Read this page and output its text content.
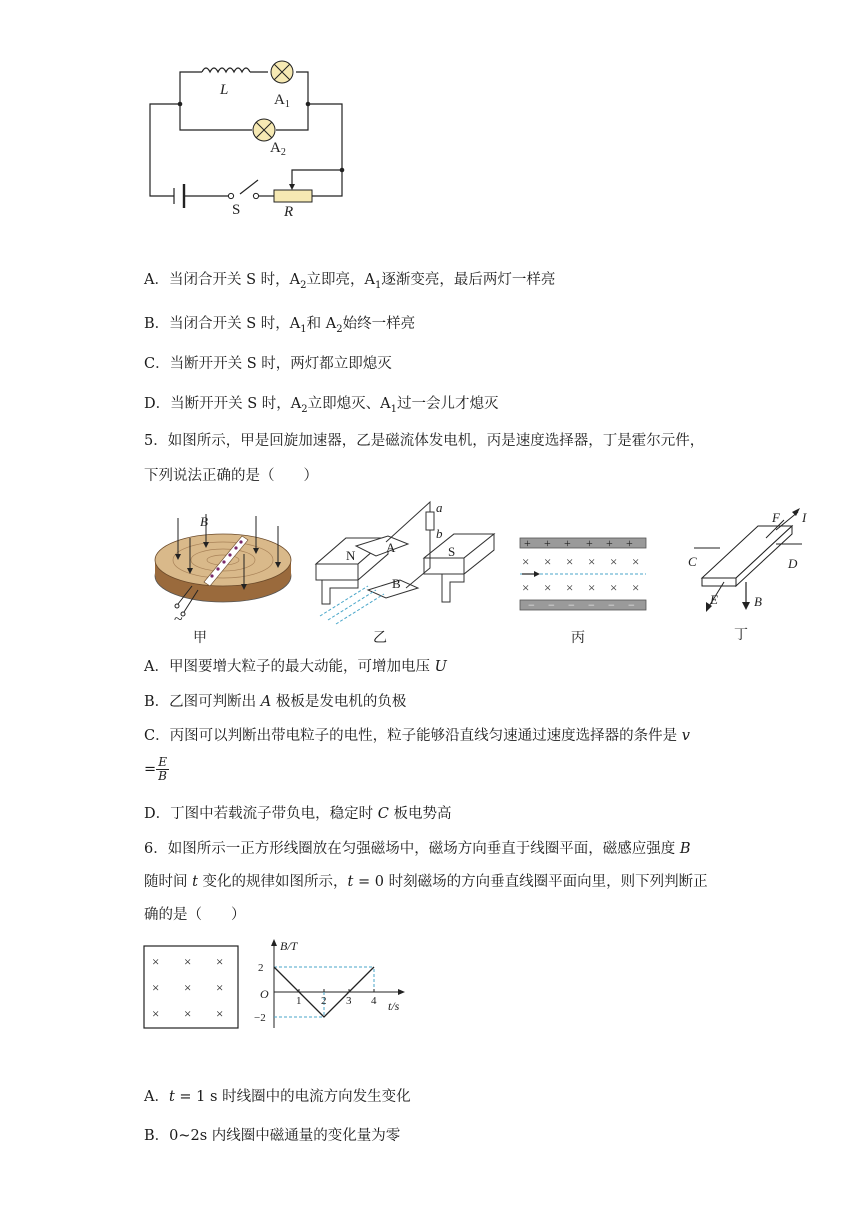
L
$A_1$
$A_2$
S	R
A．当闭合开关 S 时，$A_2$立即亮，$A_1$逐渐变亮，最后两灯一样亮
B．当闭合开关 S 时，$A_1$和 $A_2$始终一样亮
C．当断开开关 S 时，两灯都立即熄灭
D．当断开开关 S 时，$A_2$立即熄灭、$A_1$过一会儿才熄灭
5．如图所示，甲是回旋加速器，乙是磁流体发电机，丙是速度选择器，丁是霍尔元件，
下列说法正确的是（　　）
B
~
甲
N	S
A
B
a
b
乙
+ + + + + +
− − − − − −
× × × × × ×
× × × × × ×
丙
F I
C	D
E	B
丁
A．甲图要增大粒子的最大动能，可增加电压 U
B．乙图可判断出 A 极板是发电机的负极
C．丙图可以判断出带电粒子的电性，粒子能够沿直线匀速通过速度选择器的条件是 v
= $\frac{E}{B}$
D．丁图中若载流子带负电，稳定时 C 板电势高
6．如图所示一正方形线圈放在匀强磁场中，磁场方向垂直于线圈平面，磁感应强度 B
随时间 t 变化的规律如图所示，t = 0 时刻磁场的方向垂直线圈平面向里，则下列判断正
确的是（　　）
× × ×
× × ×
× × ×
B/T
t/s
O 1 2 3 4
2
−2
A．t = 1 s 时线圈中的电流方向发生变化
B．0~2s 内线圈中磁通量的变化量为零
